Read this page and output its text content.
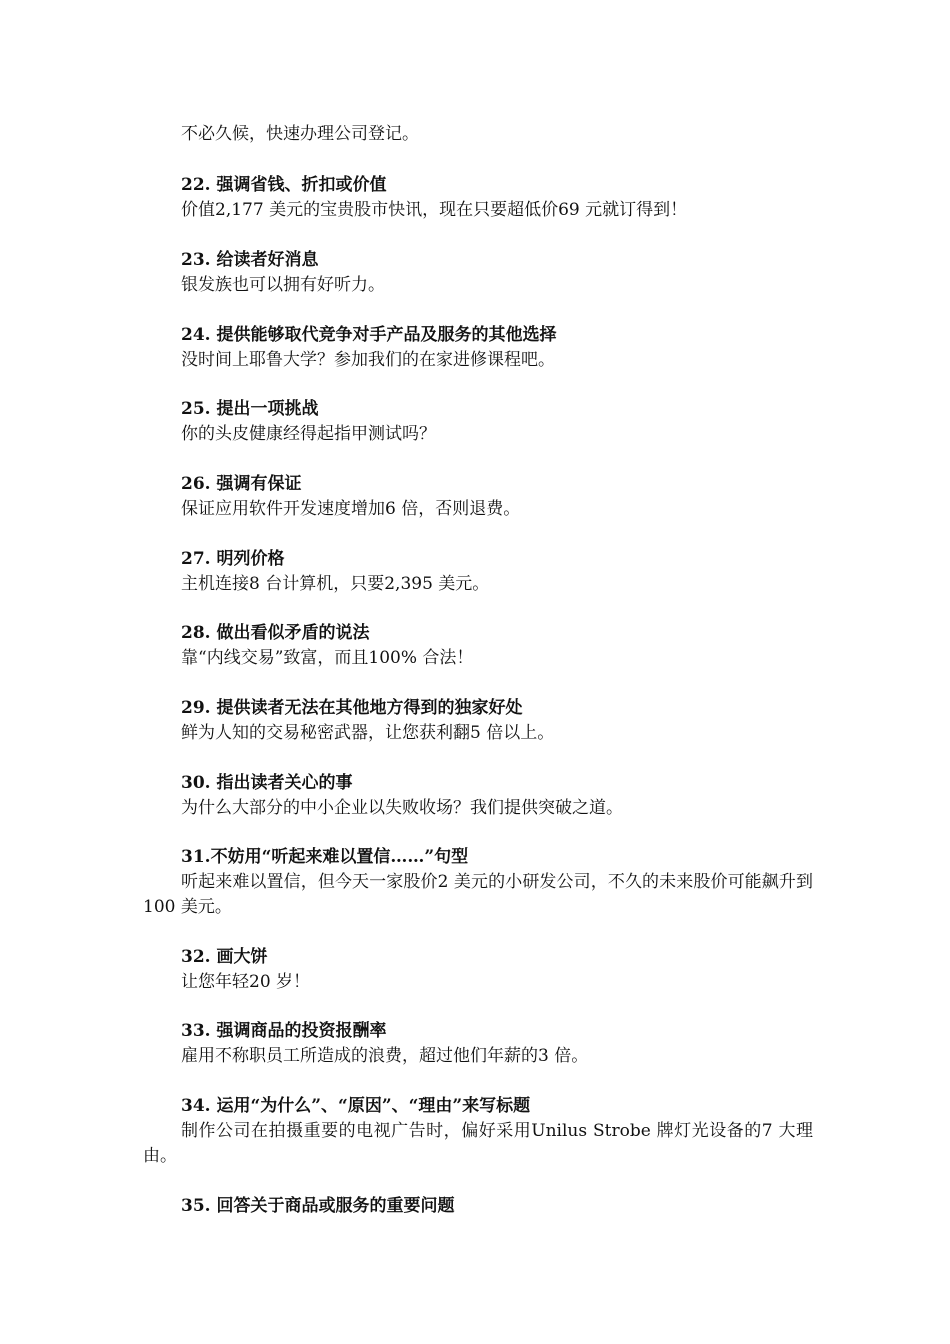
不必久候，快速办理公司登记。
22. 强调省钱、折扣或价值
价值2,177 美元的宝贵股市快讯，现在只要超低价69 元就订得到！
23. 给读者好消息
银发族也可以拥有好听力。
24. 提供能够取代竞争对手产品及服务的其他选择
没时间上耶鲁大学？参加我们的在家进修课程吧。
25. 提出一项挑战
你的头皮健康经得起指甲测试吗？
26. 强调有保证
保证应用软件开发速度增加6 倍，否则退费。
27. 明列价格
主机连接8 台计算机，只要2,395 美元。
28. 做出看似矛盾的说法
靠“内线交易”致富，而且100% 合法！
29. 提供读者无法在其他地方得到的独家好处
鲜为人知的交易秘密武器，让您获利翻5 倍以上。
30. 指出读者关心的事
为什么大部分的中小企业以失败收场？我们提供突破之道。
31.不妨用“听起来难以置信……”句型
听起来难以置信，但今天一家股价2 美元的小研发公司，不久的未来股价可能飙升到100 美元。
32. 画大饼
让您年轻20 岁！
33. 强调商品的投资报酬率
雇用不称职员工所造成的浪费，超过他们年薪的3 倍。
34. 运用“为什么”、“原因”、“理由”来写标题
制作公司在拍摄重要的电视广告时，偏好采用Unilus Strobe 牌灯光设备的7 大理由。
35. 回答关于商品或服务的重要问题
